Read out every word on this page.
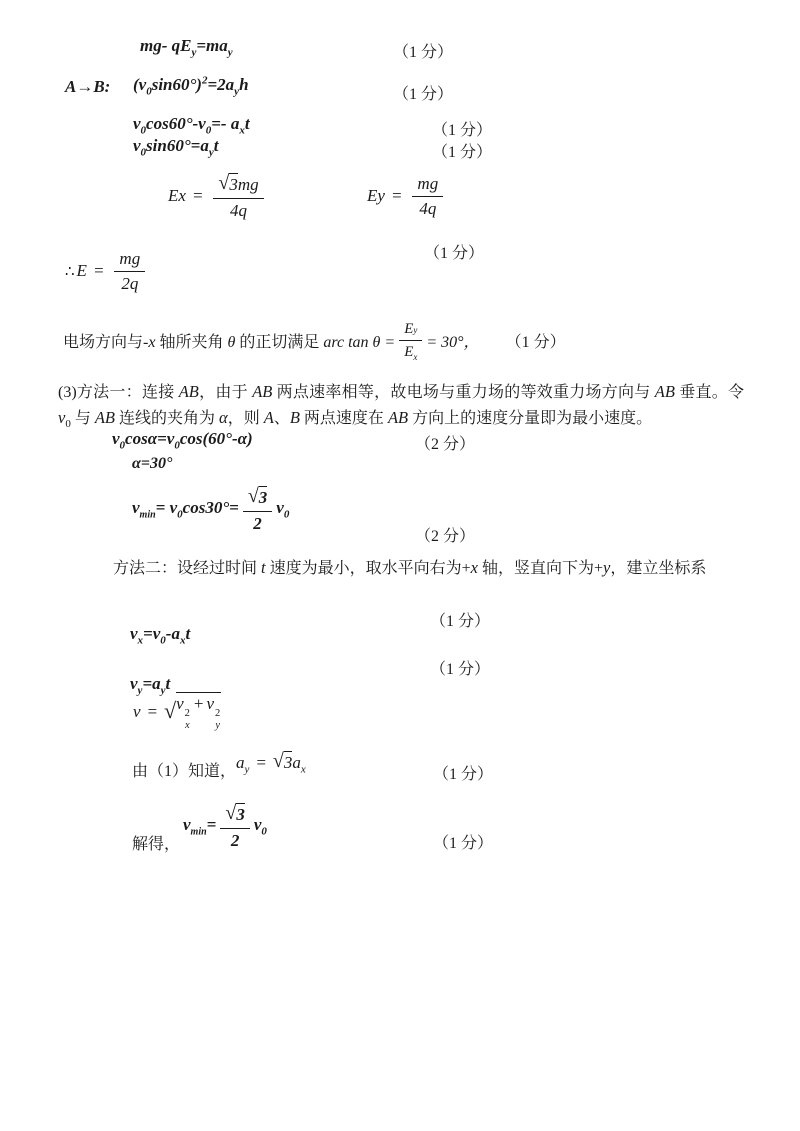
mg- $qE_y=ma_y$	（1 分）
A→B: $(v_0\sin 60^\circ)^2=2a_yh$
（1 分）
$v_0\cos 60^\circ-v_0=-$ $a_xt$	（1 分）
$v_0\sin 60^\circ=a_yt$	（1 分）
$Ex = \frac{√ 3 mg}{4q}$	$Ey = \frac{mg}{4q}$
（1 分）
∴ $E = \frac{mg}{2q}$
电场方向与-x 轴所夹角 θ 的正切满足 arc $\tan \theta = \frac{\text{E y}}{E_x} = 30^\circ$， （1 分）

(3)方法一：连接 AB，由于 AB 两点速率相等，故电场与重力场的等效重力场方向与 AB 垂直。令 $v_0$ 与 AB 连线的夹角为 α，则 A、B 两点速度在 AB 方向上的速度分量即为最小速度。

$v_0\cos\alpha=v_0\cos(60^\circ-\alpha)$	（2 分）
α=30°
$v_{min}= v_0\cos 30^\circ= \frac{√ 3}{2} v_0$
（2 分）

方法二：设经过时间 t 速度为最小，取水平向右为+x 轴，竖直向下为+y，建立坐标系

（1 分）
$v_x=v_0-a_xt$
（1 分）
$v_y=a_yt$
v = √ v
2
x
+ v
2
y
由（1）知道， $a_y = √3a_x$	（1 分）
解得，
$v_{min}= \frac{√ 3}{2} v_0$
（1 分）
